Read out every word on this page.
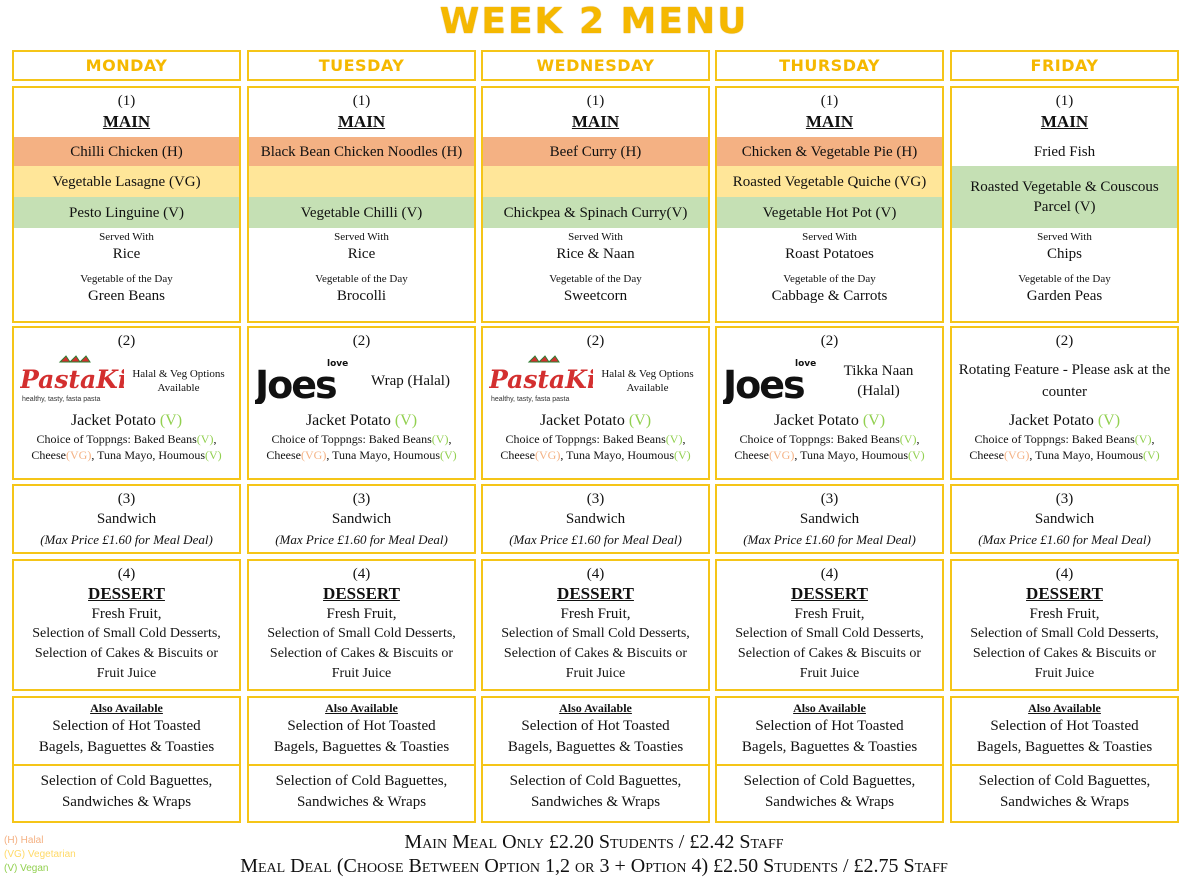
WEEK 2 MENU
MONDAY
(1)
MAIN
Chilli Chicken (H)
Vegetable Lasagne (VG)
Pesto Linguine (V)
Served With
Rice
Vegetable of the Day
Green Beans
(2)
PastaK
healthy, tasty, fasta pasta
Halal & Veg Options Available
Jacket Potato (V)
Choice of Toppngs: Baked Beans(V), Cheese(VG), Tuna Mayo, Houmous(V)
(3)
Sandwich
(Max Price £1.60 for Meal Deal)
(4)
DESSERT
Fresh Fruit,
Selection of Small Cold Desserts,
Selection of Cakes & Biscuits or
Fruit Juice
Also Available
Selection of Hot Toasted
Bagels, Baguettes & Toasties
Selection of Cold Baguettes,
Sandwiches & Wraps
TUESDAY
(1)
MAIN
Black Bean Chicken Noodles (H)
Vegetable Chilli (V)
Served With
Rice
Vegetable of the Day
Brocolli
(2)
Joes
love
Wrap (Halal)
Jacket Potato (V)
Choice of Toppngs: Baked Beans(V), Cheese(VG), Tuna Mayo, Houmous(V)
(3)
Sandwich
(Max Price £1.60 for Meal Deal)
(4)
DESSERT
Fresh Fruit,
Selection of Small Cold Desserts,
Selection of Cakes & Biscuits or
Fruit Juice
Also Available
Selection of Hot Toasted
Bagels, Baguettes & Toasties
Selection of Cold Baguettes,
Sandwiches & Wraps
WEDNESDAY
(1)
MAIN
Beef Curry (H)
Chickpea & Spinach Curry(V)
Served With
Rice & Naan
Vegetable of the Day
Sweetcorn
(2)
PastaK
healthy, tasty, fasta pasta
Halal & Veg Options Available
Jacket Potato (V)
Choice of Toppngs: Baked Beans(V), Cheese(VG), Tuna Mayo, Houmous(V)
(3)
Sandwich
(Max Price £1.60 for Meal Deal)
(4)
DESSERT
Fresh Fruit,
Selection of Small Cold Desserts,
Selection of Cakes & Biscuits or
Fruit Juice
Also Available
Selection of Hot Toasted
Bagels, Baguettes & Toasties
Selection of Cold Baguettes,
Sandwiches & Wraps
THURSDAY
(1)
MAIN
Chicken & Vegetable Pie (H)
Roasted Vegetable Quiche (VG)
Vegetable Hot Pot (V)
Served With
Roast Potatoes
Vegetable of the Day
Cabbage & Carrots
(2)
Joes
love	Tikka Naan (Halal)
Jacket Potato (V)
Choice of Toppngs: Baked Beans(V), Cheese(VG), Tuna Mayo, Houmous(V)
(3)
Sandwich
(Max Price £1.60 for Meal Deal)
(4)
DESSERT
Fresh Fruit,
Selection of Small Cold Desserts,
Selection of Cakes & Biscuits or
Fruit Juice
Also Available
Selection of Hot Toasted
Bagels, Baguettes & Toasties
Selection of Cold Baguettes,
Sandwiches & Wraps
FRIDAY
(1)
MAIN
Fried Fish
Roasted Vegetable & Couscous Parcel (V)
Served With
Chips
Vegetable of the Day
Garden Peas
(2)
Rotating Feature - Please ask at the counter
Jacket Potato (V)
Choice of Toppngs: Baked Beans(V), Cheese(VG), Tuna Mayo, Houmous(V)
(3)
Sandwich
(Max Price £1.60 for Meal Deal)
(4)
DESSERT
Fresh Fruit,
Selection of Small Cold Desserts,
Selection of Cakes & Biscuits or
Fruit Juice
Also Available
Selection of Hot Toasted
Bagels, Baguettes & Toasties
Selection of Cold Baguettes,
Sandwiches & Wraps
(H) Halal
(VG) Vegetarian
(V) Vegan
Main Meal Only £2.20 Students / £2.42 Staff
Meal Deal (Choose Between Option 1,2 or 3 + Option 4) £2.50 Students / £2.75 Staff
